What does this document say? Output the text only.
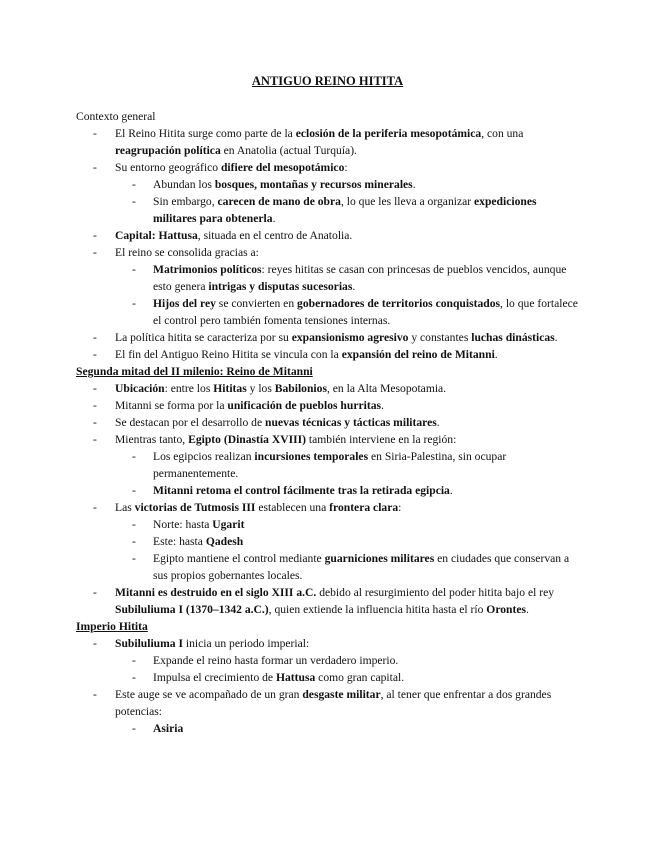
ANTIGUO REINO HITITA
Contexto general
- El Reino Hitita surge como parte de la eclosión de la periferia mesopotámica, con una reagrupación política en Anatolia (actual Turquía).
- Su entorno geográfico difiere del mesopotámico:
- Abundan los bosques, montañas y recursos minerales.
- Sin embargo, carecen de mano de obra, lo que les lleva a organizar expediciones militares para obtenerla.
- Capital: Hattusa, situada en el centro de Anatolia.
- El reino se consolida gracias a:
- Matrimonios políticos: reyes hititas se casan con princesas de pueblos vencidos, aunque esto genera intrigas y disputas sucesorias.
- Hijos del rey se convierten en gobernadores de territorios conquistados, lo que fortalece el control pero también fomenta tensiones internas.
- La política hitita se caracteriza por su expansionismo agresivo y constantes luchas dinásticas.
- El fin del Antiguo Reino Hitita se vincula con la expansión del reino de Mitanni.
Segunda mitad del II milenio: Reino de Mitanni
- Ubicación: entre los Hititas y los Babilonios, en la Alta Mesopotamia.
- Mitanni se forma por la unificación de pueblos hurritas.
- Se destacan por el desarrollo de nuevas técnicas y tácticas militares.
- Mientras tanto, Egipto (Dinastía XVIII) también interviene en la región:
- Los egipcios realizan incursiones temporales en Siria-Palestina, sin ocupar permanentemente.
- Mitanni retoma el control fácilmente tras la retirada egipcia.
- Las victorias de Tutmosis III establecen una frontera clara:
- Norte: hasta Ugarit
- Este: hasta Qadesh
- Egipto mantiene el control mediante guarniciones militares en ciudades que conservan a sus propios gobernantes locales.
- Mitanni es destruido en el siglo XIII a.C. debido al resurgimiento del poder hitita bajo el rey Subiluliuma I (1370–1342 a.C.), quien extiende la influencia hitita hasta el río Orontes.
Imperio Hitita
- Subiluliuma I inicia un periodo imperial:
- Expande el reino hasta formar un verdadero imperio.
- Impulsa el crecimiento de Hattusa como gran capital.
- Este auge se ve acompañado de un gran desgaste militar, al tener que enfrentar a dos grandes potencias:
- Asiria
